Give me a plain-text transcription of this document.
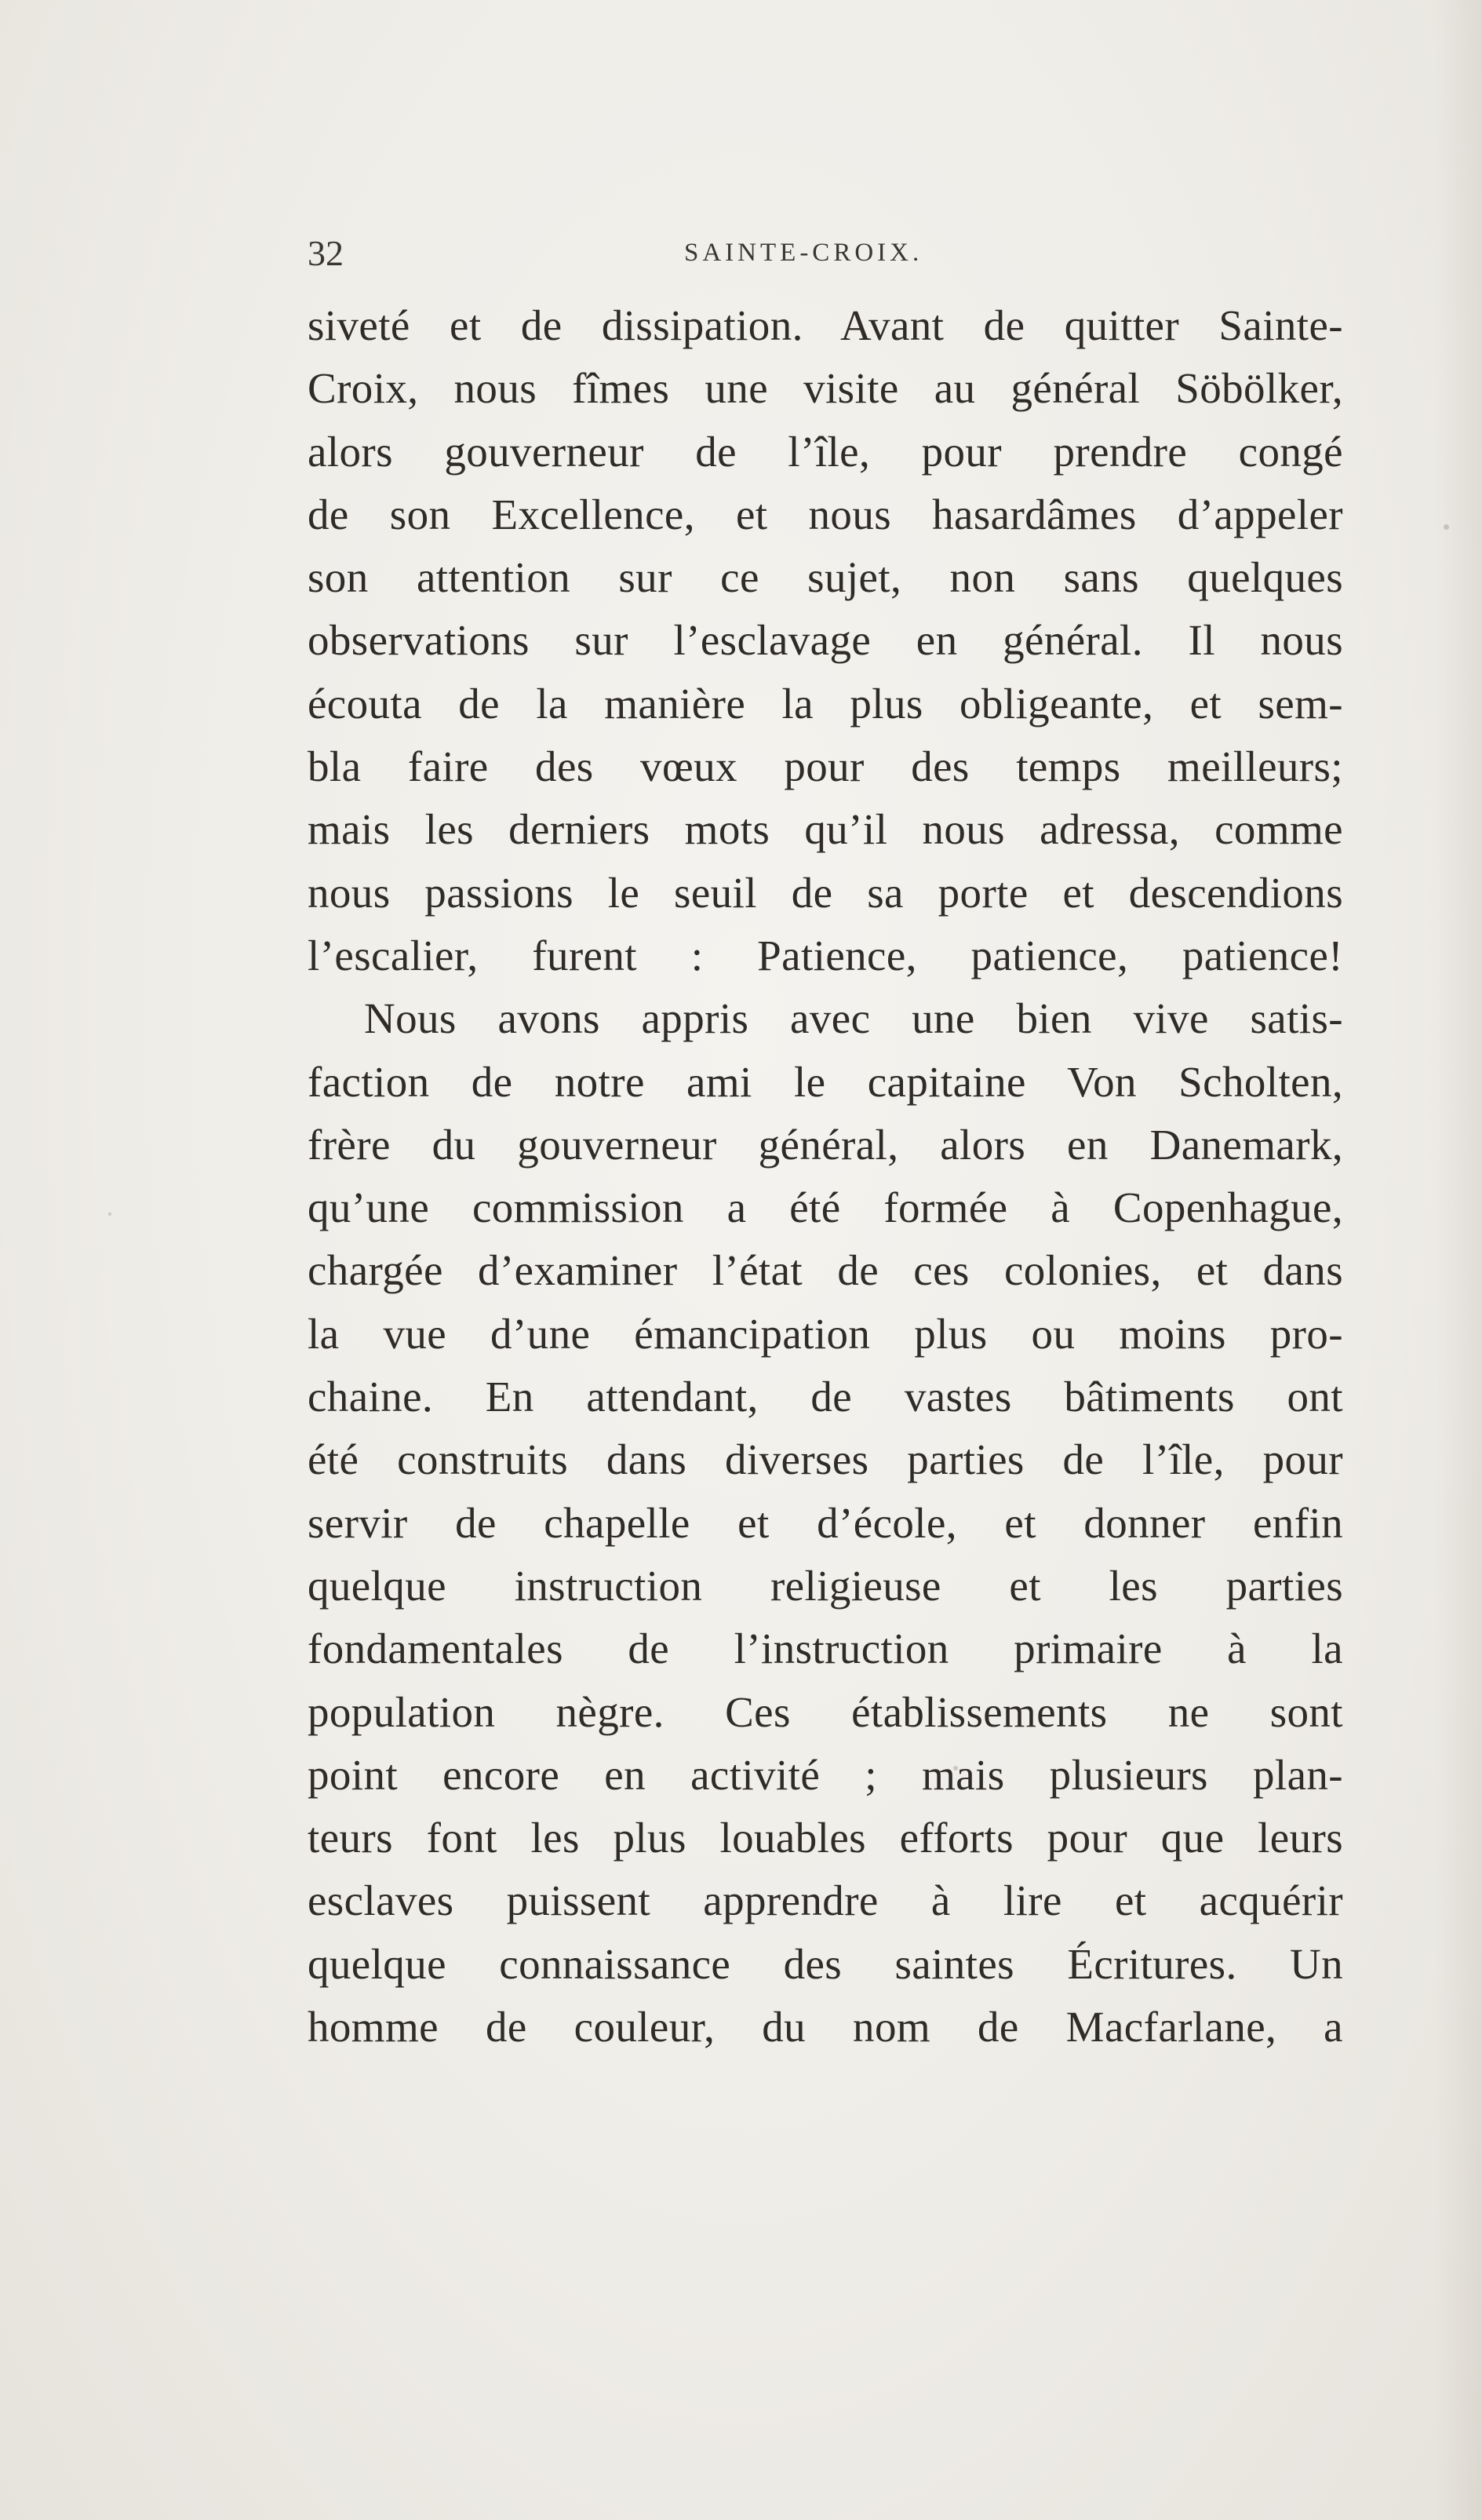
32	SAINTE-CROIX.
siveté et de dissipation. Avant de quitter Sainte-
Croix, nous fîmes une visite au général Söbölker,
alors gouverneur de l’île, pour prendre congé
de son Excellence, et nous hasardâmes d’appeler
son attention sur ce sujet, non sans quelques
observations sur l’esclavage en général. Il nous
écouta de la manière la plus obligeante, et sem-
bla faire des vœux pour des temps meilleurs;
mais les derniers mots qu’il nous adressa, comme
nous passions le seuil de sa porte et descendions
l’escalier, furent : Patience, patience, patience!
Nous avons appris avec une bien vive satis-
faction de notre ami le capitaine Von Scholten,
frère du gouverneur général, alors en Danemark,
qu’une commission a été formée à Copenhague,
chargée d’examiner l’état de ces colonies, et dans
la vue d’une émancipation plus ou moins pro-
chaine. En attendant, de vastes bâtiments ont
été construits dans diverses parties de l’île, pour
servir de chapelle et d’école, et donner enfin
quelque instruction religieuse et les parties
fondamentales de l’instruction primaire à la
population nègre. Ces établissements ne sont
point encore en activité ; mais plusieurs plan-
teurs font les plus louables efforts pour que leurs
esclaves puissent apprendre à lire et acquérir
quelque connaissance des saintes Écritures. Un
homme de couleur, du nom de Macfarlane, a
